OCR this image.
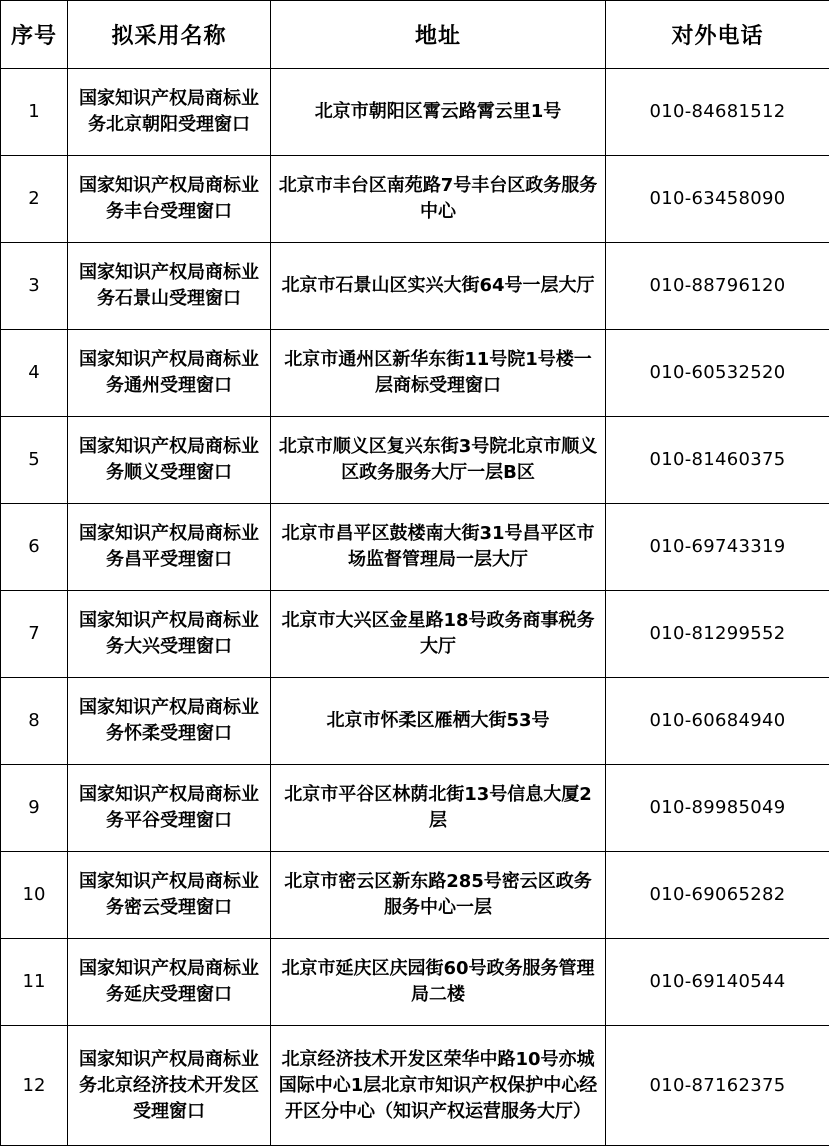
序号	拟采用名称	地址	对外电话
1	国家知识产权局商标业务北京朝阳受理窗口	北京市朝阳区霄云路霄云里1号	010-84681512
2	国家知识产权局商标业务丰台受理窗口	北京市丰台区南苑路7号丰台区政务服务中心	010-63458090
3	国家知识产权局商标业务石景山受理窗口	北京市石景山区实兴大街64号一层大厅	010-88796120
4	国家知识产权局商标业务通州受理窗口	北京市通州区新华东街11号院1号楼一层商标受理窗口	010-60532520
5	国家知识产权局商标业务顺义受理窗口	北京市顺义区复兴东街3号院北京市顺义区政务服务大厅一层B区	010-81460375
6	国家知识产权局商标业务昌平受理窗口	北京市昌平区鼓楼南大街31号昌平区市场监督管理局一层大厅	010-69743319
7	国家知识产权局商标业务大兴受理窗口	北京市大兴区金星路18号政务商事税务大厅	010-81299552
8	国家知识产权局商标业务怀柔受理窗口	北京市怀柔区雁栖大街53号	010-60684940
9	国家知识产权局商标业务平谷受理窗口	北京市平谷区林荫北街13号信息大厦2层	010-89985049
10	国家知识产权局商标业务密云受理窗口	北京市密云区新东路285号密云区政务服务中心一层	010-69065282
11	国家知识产权局商标业务延庆受理窗口	北京市延庆区庆园街60号政务服务管理局二楼	010-69140544
12	国家知识产权局商标业务北京经济技术开发区受理窗口	北京经济技术开发区荣华中路10号亦城国际中心1层北京市知识产权保护中心经开区分中心（知识产权运营服务大厅）	010-87162375
